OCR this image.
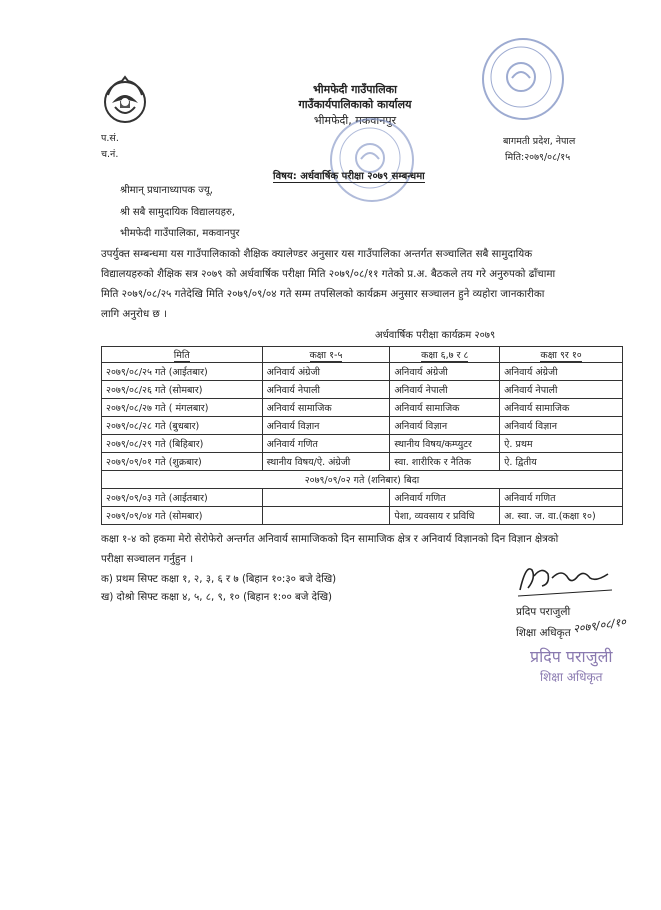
भीमफेदी गाउँपालिका
गाउँकार्यपालिकाको कार्यालय
भीमफेदी, मकवानपुर
प.सं.
च.नं.
बागमती प्रदेश, नेपाल
मिति:२०७९/०८/१५
विषय: अर्धवार्षिक परीक्षा २०७९ सम्बन्धमा
श्रीमान् प्रधानाध्यापक ज्यू,
श्री सबै सामुदायिक विद्यालयहरु,
भीमफेदी गाउँपालिका, मकवानपुर
उपर्युक्त सम्बन्धमा यस गाउँपालिकाको शैक्षिक क्यालेण्डर अनुसार यस गाउँपालिका अन्तर्गत सञ्चालित सबै सामुदायिक
विद्यालयहरुको शैक्षिक सत्र २०७९ को अर्धवार्षिक परीक्षा मिति २०७९/०८/११ गतेको प्र.अ. बैठकले तय गरे अनुरुपको ढाँचामा
मिति २०७९/०८/२५ गतेदेखि मिति २०७९/०९/०४ गते सम्म तपसिलको कार्यक्रम अनुसार सञ्चालन हुने व्यहोरा जानकारीका
लागि अनुरोध छ ।
अर्धवार्षिक परीक्षा कार्यक्रम २०७९
मिति	कक्षा १-५	कक्षा ६,७ र ८	कक्षा ९र १०
२०७९/०८/२५ गते (आईतबार)	अनिवार्य अंग्रेजी	अनिवार्य अंग्रेजी	अनिवार्य अंग्रेजी
२०७९/०८/२६ गते (सोमबार)	अनिवार्य नेपाली	अनिवार्य नेपाली	अनिवार्य नेपाली
२०७९/०८/२७ गते ( मंगलबार)	अनिवार्य सामाजिक	अनिवार्य सामाजिक	अनिवार्य सामाजिक
२०७९/०८/२८ गते (बुधबार)	अनिवार्य विज्ञान	अनिवार्य विज्ञान	अनिवार्य विज्ञान
२०७९/०८/२९ गते (बिहिबार)	अनिवार्य गणित	स्थानीय विषय/कम्प्युटर	ऐ. प्रथम
२०७९/०९/०१ गते (शुक्रबार)	स्थानीय विषय/ऐ. अंग्रेजी	स्वा. शारीरिक र नैतिक	ऐ. द्वितीय
२०७९/०९/०२ गते (शनिबार) बिदा			
२०७९/०९/०३ गते (आईतबार)		अनिवार्य गणित	अनिवार्य गणित
२०७९/०९/०४ गते (सोमबार)		पेशा, व्यवसाय र प्रविधि	अ. स्वा. ज. वा.(कक्षा १०)
कक्षा १-४ को हकमा मेरो सेरोफेरो अन्तर्गत अनिवार्य सामाजिकको दिन सामाजिक क्षेत्र र अनिवार्य विज्ञानको दिन विज्ञान क्षेत्रको
परीक्षा सञ्चालन गर्नुहुन ।
क) प्रथम सिफ्ट कक्षा १, २, ३, ६ र ७ (बिहान १०:३० बजे देखि)
ख) दोश्रो सिफ्ट कक्षा ४, ५, ८, ९, १० (बिहान १:०० बजे देखि)
प्रदिप पराजुली
शिक्षा अधिकृत २०७९/०८/१०
प्रदिप पराजुली
शिक्षा अधिकृत
